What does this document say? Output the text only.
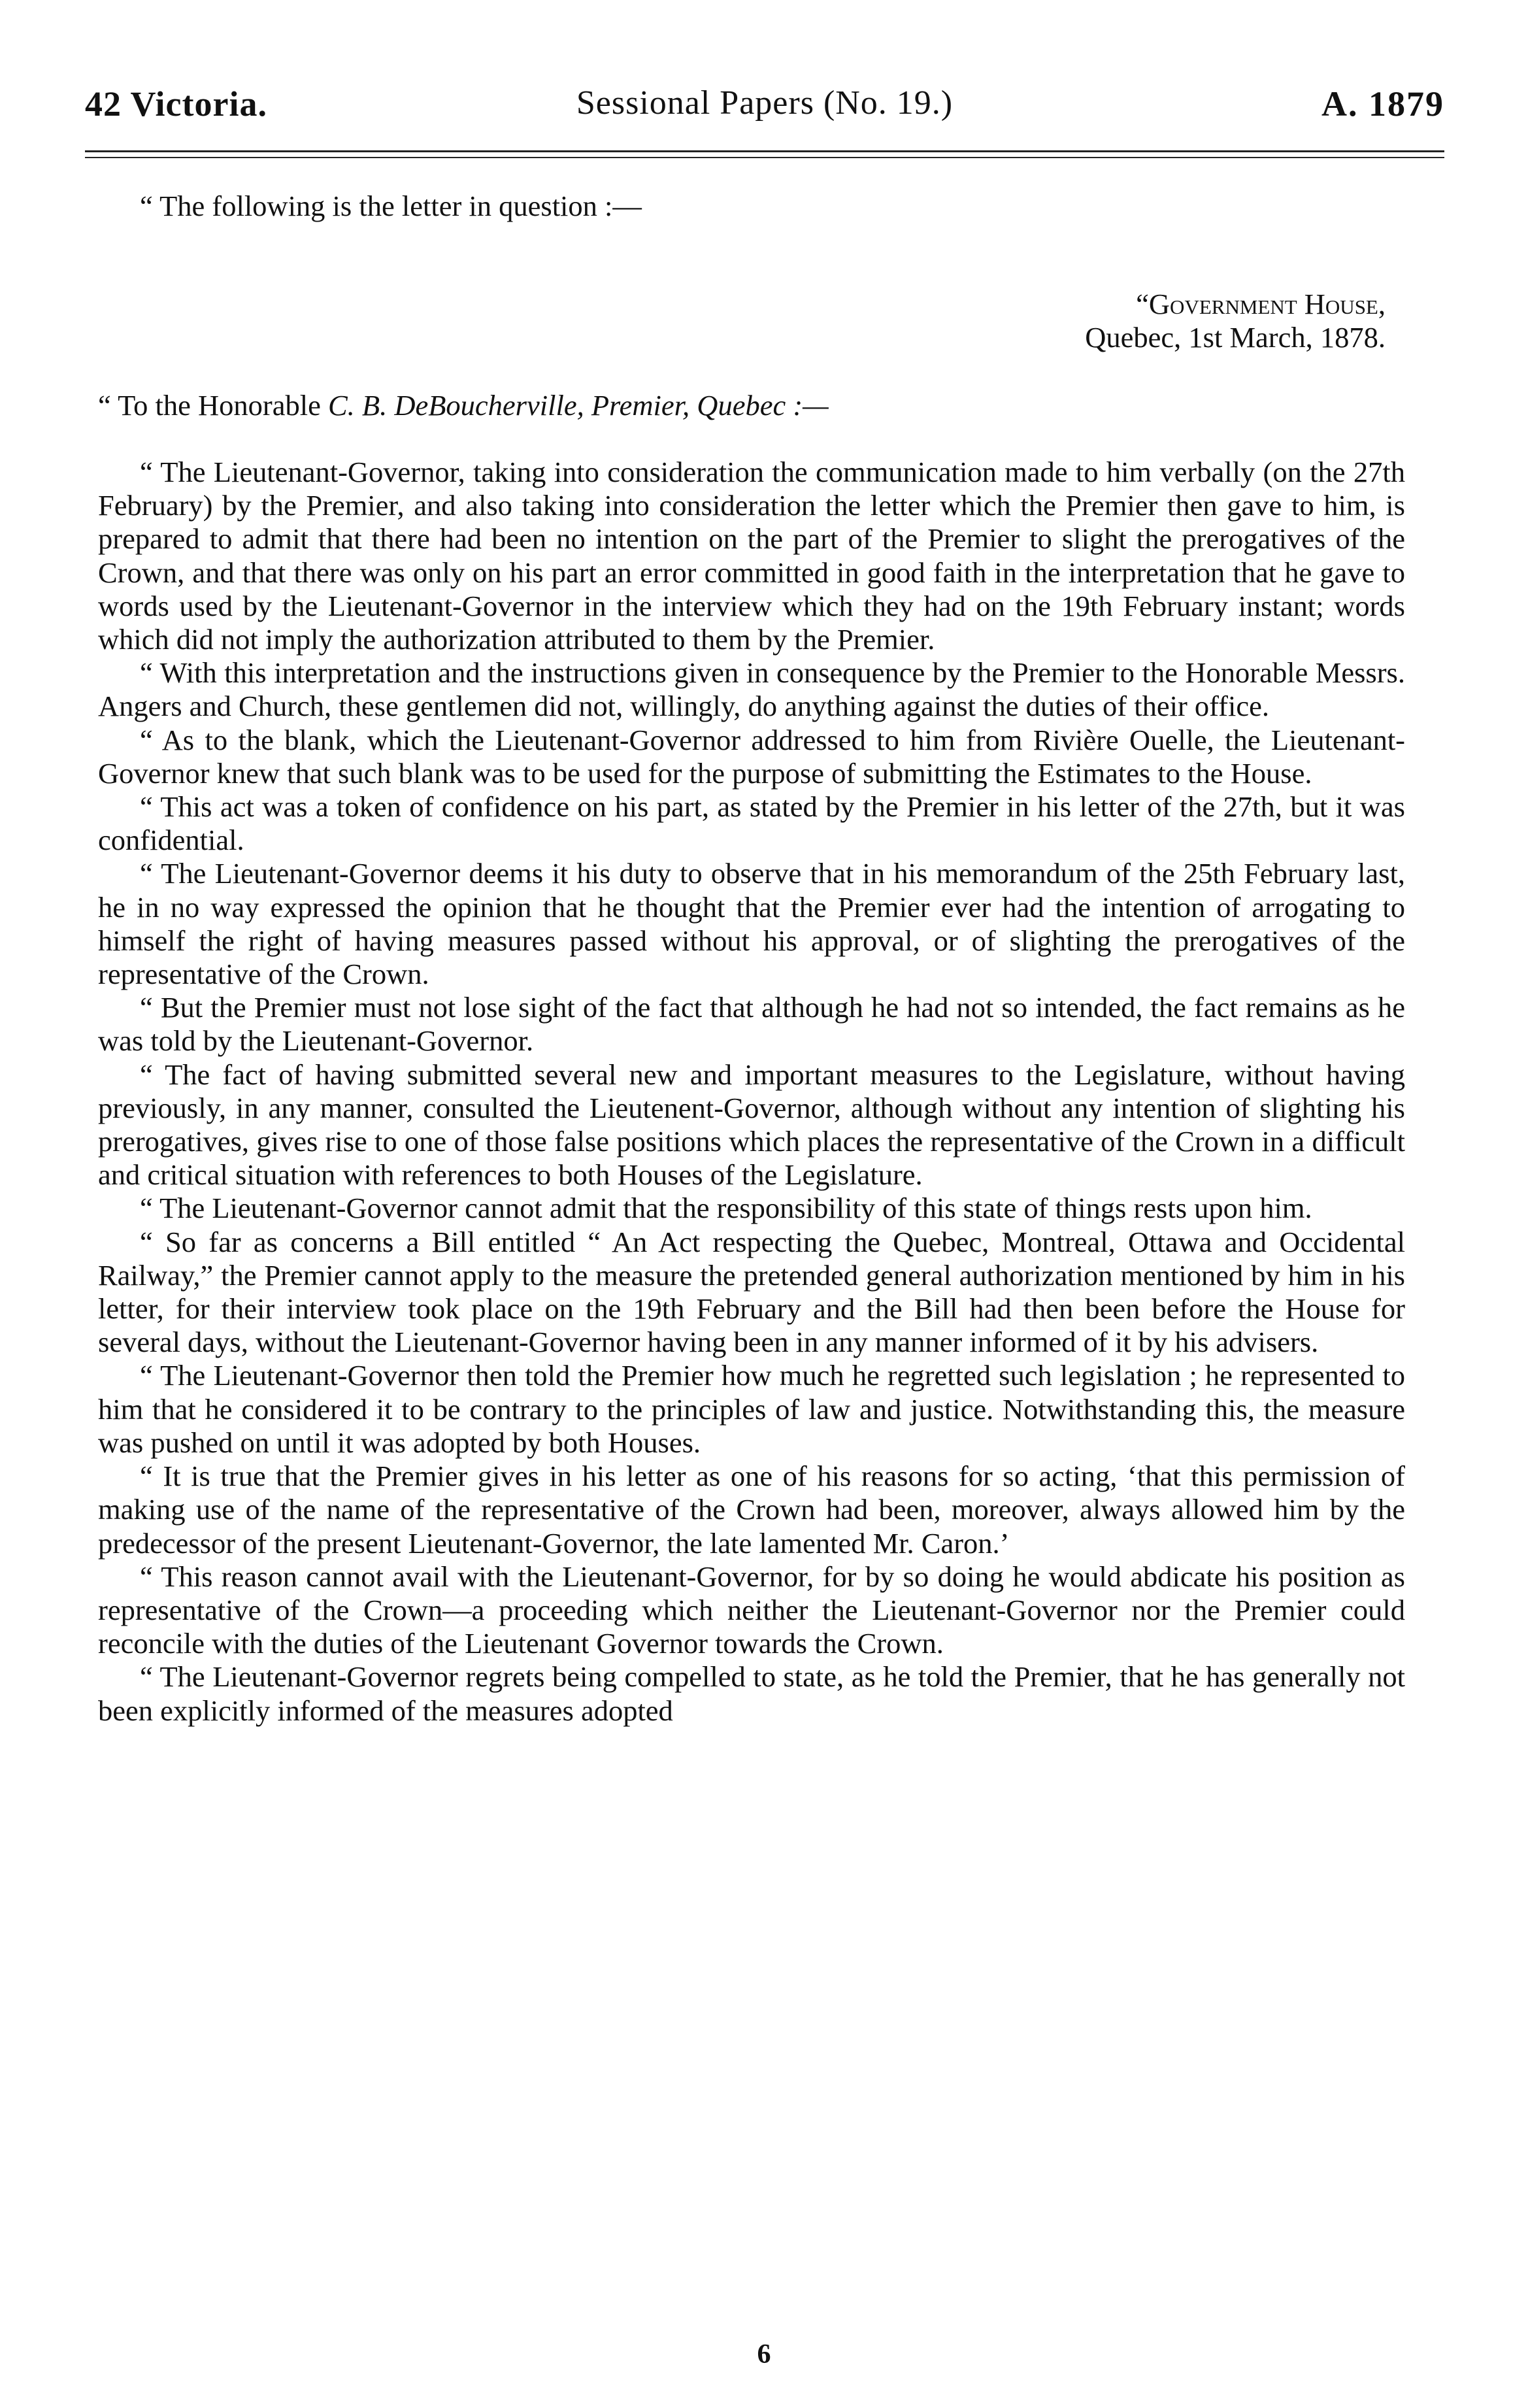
42 Victoria.	Sessional Papers (No. 19.)	A. 1879
“ The following is the letter in question :—
“Government House,
Quebec, 1st March, 1878.
“ To the Honorable C. B. DeBoucherville, Premier, Quebec :—

“ The Lieutenant-Governor, taking into consideration the communication made to him verbally (on the 27th February) by the Premier, and also taking into consideration the letter which the Premier then gave to him, is prepared to admit that there had been no intention on the part of the Premier to slight the prerogatives of the Crown, and that there was only on his part an error committed in good faith in the interpretation that he gave to words used by the Lieutenant-Governor in the interview which they had on the 19th February instant; words which did not imply the authorization attributed to them by the Premier.

“ With this interpretation and the instructions given in consequence by the Premier to the Honorable Messrs. Angers and Church, these gentlemen did not, willingly, do anything against the duties of their office.

“ As to the blank, which the Lieutenant-Governor addressed to him from Rivière Ouelle, the Lieutenant-Governor knew that such blank was to be used for the purpose of submitting the Estimates to the House.

“ This act was a token of confidence on his part, as stated by the Premier in his letter of the 27th, but it was confidential.

“ The Lieutenant-Governor deems it his duty to observe that in his memorandum of the 25th February last, he in no way expressed the opinion that he thought that the Premier ever had the intention of arrogating to himself the right of having measures passed without his approval, or of slighting the prerogatives of the representative of the Crown.

“ But the Premier must not lose sight of the fact that although he had not so intended, the fact remains as he was told by the Lieutenant-Governor.

“ The fact of having submitted several new and important measures to the Legislature, without having previously, in any manner, consulted the Lieutenent-Governor, although without any intention of slighting his prerogatives, gives rise to one of those false positions which places the representative of the Crown in a difficult and critical situation with references to both Houses of the Legislature.

“ The Lieutenant-Governor cannot admit that the responsibility of this state of things rests upon him.

“ So far as concerns a Bill entitled “ An Act respecting the Quebec, Montreal, Ottawa and Occidental Railway,” the Premier cannot apply to the measure the pretended general authorization mentioned by him in his letter, for their interview took place on the 19th February and the Bill had then been before the House for several days, without the Lieutenant-Governor having been in any manner informed of it by his advisers.

“ The Lieutenant-Governor then told the Premier how much he regretted such legislation ; he represented to him that he considered it to be contrary to the principles of law and justice. Notwithstanding this, the measure was pushed on until it was adopted by both Houses.

“ It is true that the Premier gives in his letter as one of his reasons for so acting, ‘that this permission of making use of the name of the representative of the Crown had been, moreover, always allowed him by the predecessor of the present Lieutenant-Governor, the late lamented Mr. Caron.’

“ This reason cannot avail with the Lieutenant-Governor, for by so doing he would abdicate his position as representative of the Crown—a proceeding which neither the Lieutenant-Governor nor the Premier could reconcile with the duties of the Lieutenant Governor towards the Crown.

“ The Lieutenant-Governor regrets being compelled to state, as he told the Premier, that he has generally not been explicitly informed of the measures adopted

6
